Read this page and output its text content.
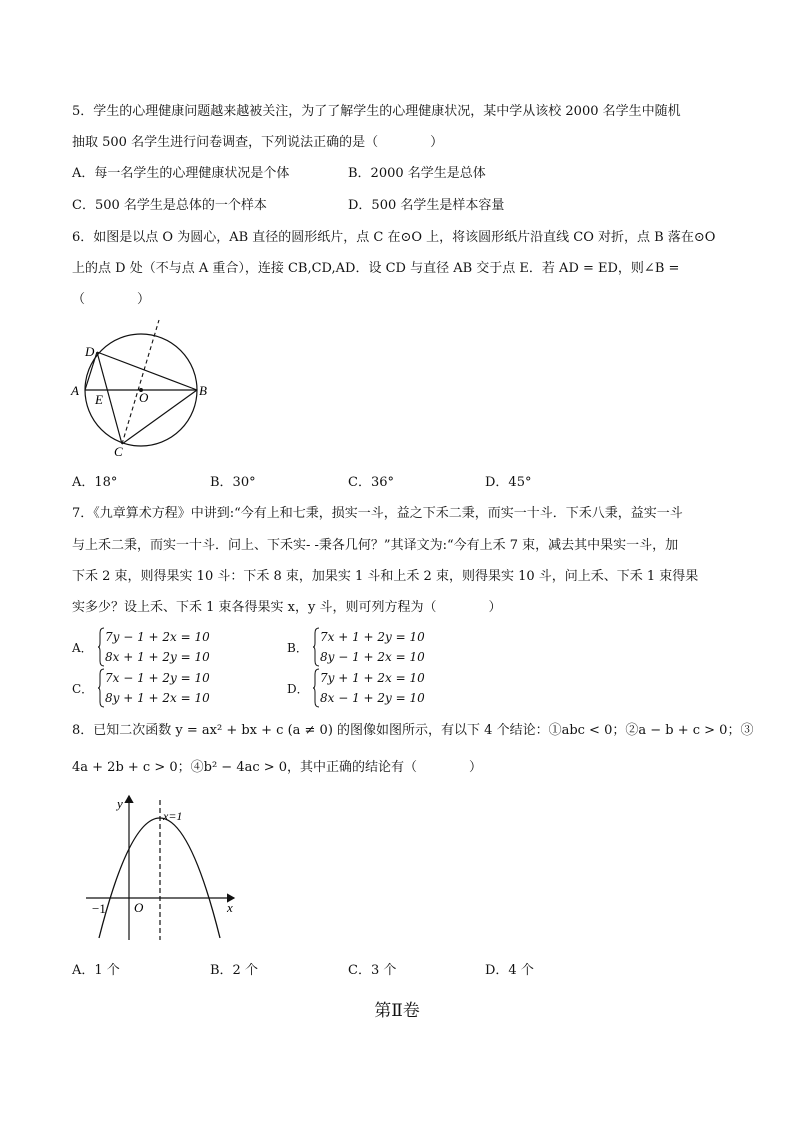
5．学生的心理健康问题越来越被关注，为了了解学生的心理健康状况，某中学从该校 2000 名学生中随机
抽取 500 名学生进行问卷调查，下列说法正确的是（　　　　）
A．每一名学生的心理健康状况是个体	B．2000 名学生是总体
C．500 名学生是总体的一个样本	D．500 名学生是样本容量
6．如图是以点 O 为圆心，AB 直径的圆形纸片，点 C 在⊙O 上，将该圆形纸片沿直线 CO 对折，点 B 落在⊙O
上的点 D 处（不与点 A 重合），连接 CB,CD,AD．设 CD 与直径 AB 交于点 E．若 AD = ED，则∠B =
（　　　　）
D
A
E	O	B
C
A．18°	B．30°	C．36°	D．45°
7．《九章算术方程》中讲到:“今有上和七秉，损实一斗，益之下禾二秉，而实一十斗．下禾八秉，益实一斗
与上禾二秉，而实一十斗．问上、下禾实- -秉各几何？”其译文为:“今有上禾 7 束，减去其中果实一斗，加
下禾 2 束，则得果实 10 斗：下禾 8 束，加果实 1 斗和上禾 2 束，则得果实 10 斗，问上禾、下禾 1 束得果
实多少？设上禾、下禾 1 束各得果实 x，y 斗，则可列方程为（　　　　）
A．
7y − 1 + 2x = 10
8x + 1 + 2y = 10
B．
7x + 1 + 2y = 10
8y − 1 + 2x = 10
C．
7x − 1 + 2y = 10
8y + 1 + 2x = 10
D．
7y + 1 + 2x = 10
8x − 1 + 2y = 10
8．已知二次函数 y = ax² + bx + c (a ≠ 0) 的图像如图所示，有以下 4 个结论：①abc < 0；②a − b + c > 0；③
4a + 2b + c > 0；④b² − 4ac > 0，其中正确的结论有（　　　　）
y
x
O
−1
x=1
A．1 个	B．2 个	C．3 个	D．4 个
第Ⅱ卷
